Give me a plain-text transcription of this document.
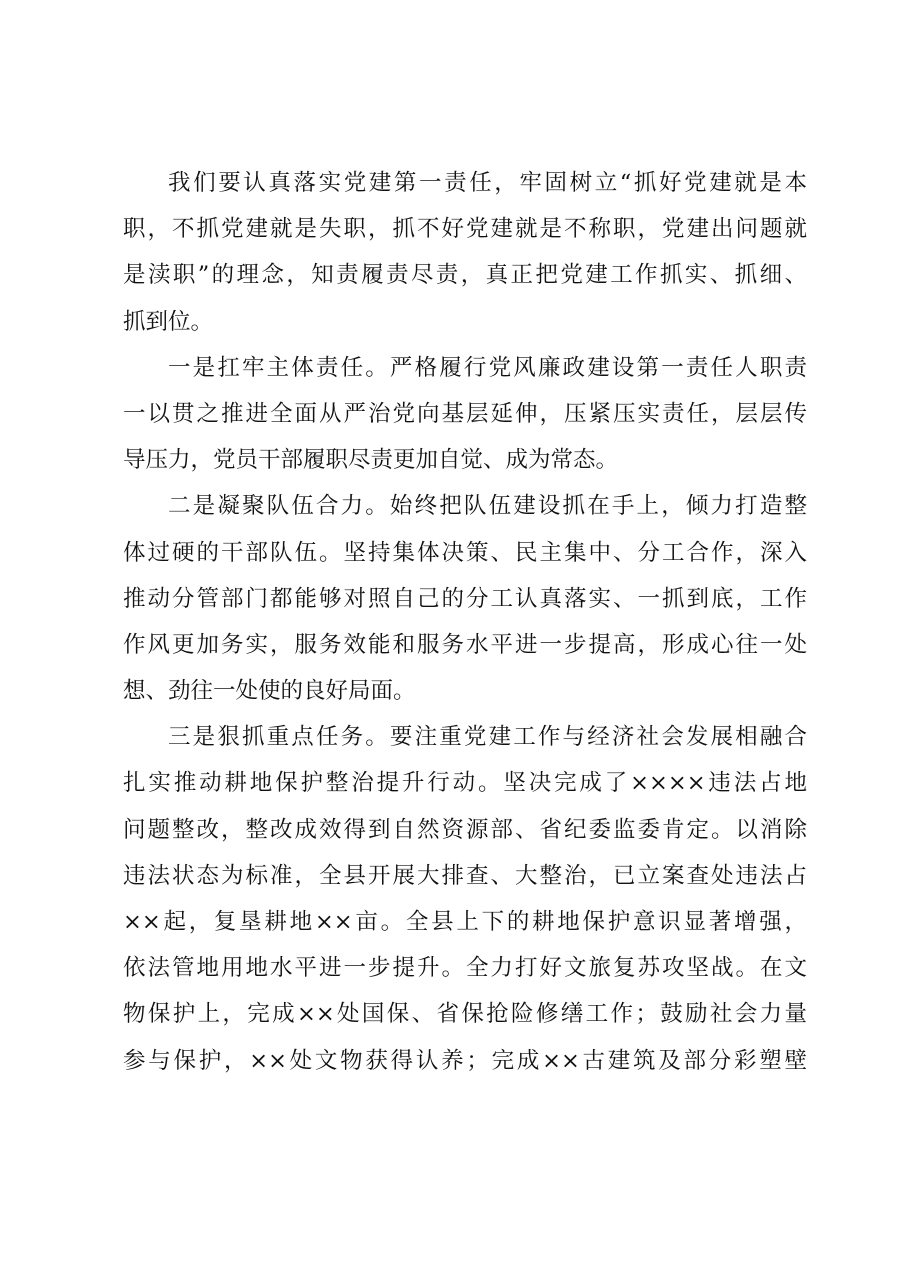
我们要认真落实党建第一责任，牢固树立“抓好党建就是本
职，不抓党建就是失职，抓不好党建就是不称职，党建出问题就
是渎职”的理念，知责履责尽责，真正把党建工作抓实、抓细、
抓到位。
一是扛牢主体责任。严格履行党风廉政建设第一责任人职责
一以贯之推进全面从严治党向基层延伸，压紧压实责任，层层传
导压力，党员干部履职尽责更加自觉、成为常态。
二是凝聚队伍合力。始终把队伍建设抓在手上，倾力打造整
体过硬的干部队伍。坚持集体决策、民主集中、分工合作，深入
推动分管部门都能够对照自己的分工认真落实、一抓到底，工作
作风更加务实，服务效能和服务水平进一步提高，形成心往一处
想、劲往一处使的良好局面。
三是狠抓重点任务。要注重党建工作与经济社会发展相融合
扎实推动耕地保护整治提升行动。坚决完成了××××违法占地
问题整改，整改成效得到自然资源部、省纪委监委肯定。以消除
违法状态为标准，全县开展大排查、大整治，已立案查处违法占
××起，复垦耕地××亩。全县上下的耕地保护意识显著增强，
依法管地用地水平进一步提升。全力打好文旅复苏攻坚战。在文
物保护上，完成××处国保、省保抢险修缮工作；鼓励社会力量
参与保护，××处文物获得认养；完成××古建筑及部分彩塑壁
